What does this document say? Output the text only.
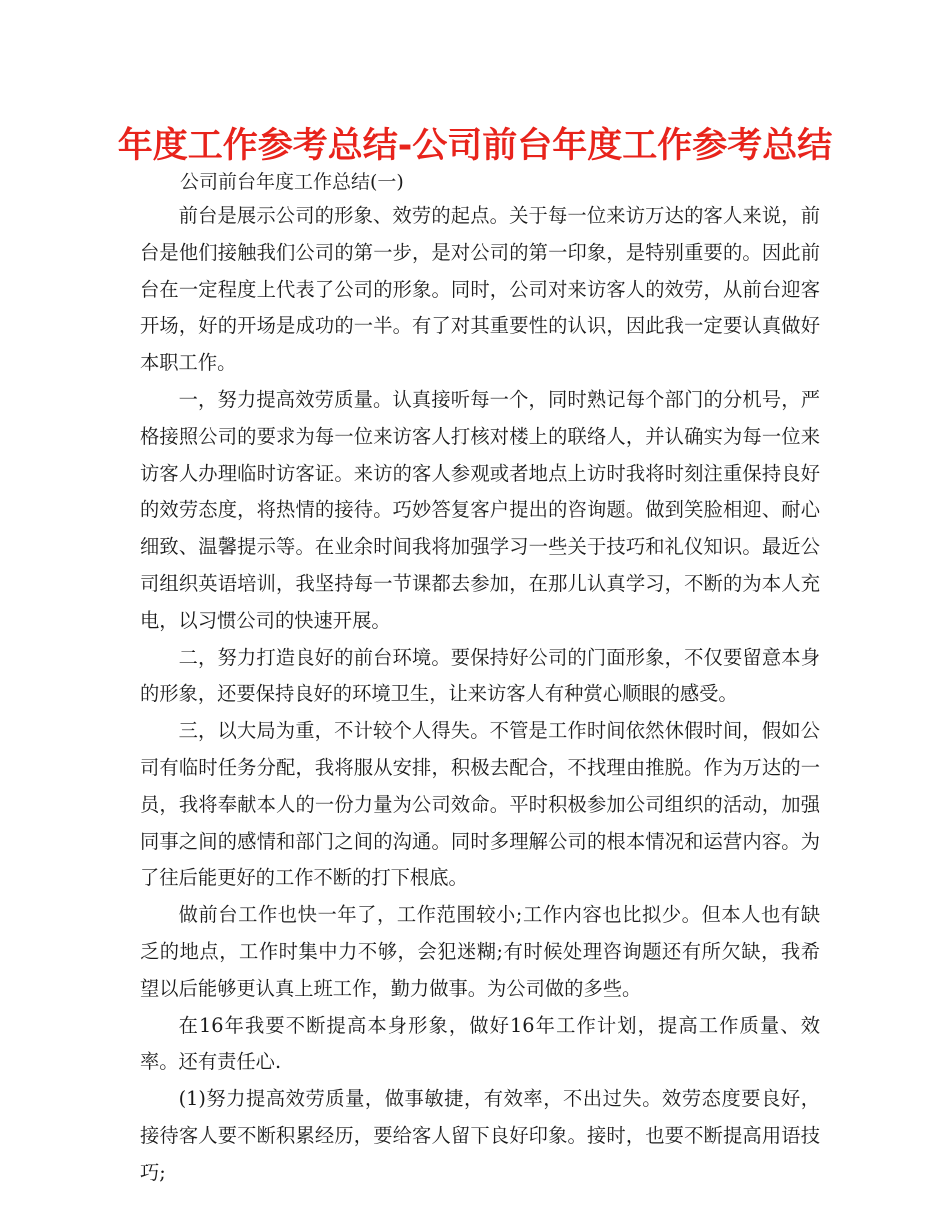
年度工作参考总结-公司前台年度工作参考总结
公司前台年度工作总结(一)

前台是展示公司的形象、效劳的起点。关于每一位来访万达的客人来说，前台是他们接触我们公司的第一步，是对公司的第一印象，是特别重要的。因此前台在一定程度上代表了公司的形象。同时，公司对来访客人的效劳，从前台迎客开场，好的开场是成功的一半。有了对其重要性的认识，因此我一定要认真做好本职工作。

一，努力提高效劳质量。认真接听每一个，同时熟记每个部门的分机号，严格接照公司的要求为每一位来访客人打核对楼上的联络人，并认确实为每一位来访客人办理临时访客证。来访的客人参观或者地点上访时我将时刻注重保持良好的效劳态度，将热情的接待。巧妙答复客户提出的咨询题。做到笑脸相迎、耐心细致、温馨提示等。在业余时间我将加强学习一些关于技巧和礼仪知识。最近公司组织英语培训，我坚持每一节课都去参加，在那儿认真学习，不断的为本人充电，以习惯公司的快速开展。

二，努力打造良好的前台环境。要保持好公司的门面形象，不仅要留意本身的形象，还要保持良好的环境卫生，让来访客人有种赏心顺眼的感受。

三，以大局为重，不计较个人得失。不管是工作时间依然休假时间，假如公司有临时任务分配，我将服从安排，积极去配合，不找理由推脱。作为万达的一员，我将奉献本人的一份力量为公司效命。平时积极参加公司组织的活动，加强同事之间的感情和部门之间的沟通。同时多理解公司的根本情况和运营内容。为了往后能更好的工作不断的打下根底。

做前台工作也快一年了，工作范围较小;工作内容也比拟少。但本人也有缺乏的地点，工作时集中力不够，会犯迷糊;有时候处理咨询题还有所欠缺，我希望以后能够更认真上班工作，勤力做事。为公司做的多些。

在16年我要不断提高本身形象，做好16年工作计划，提高工作质量、效率。还有责任心.

(1)努力提高效劳质量，做事敏捷，有效率，不出过失。效劳态度要良好，接待客人要不断积累经历，要给客人留下良好印象。接时，也要不断提高用语技巧;
